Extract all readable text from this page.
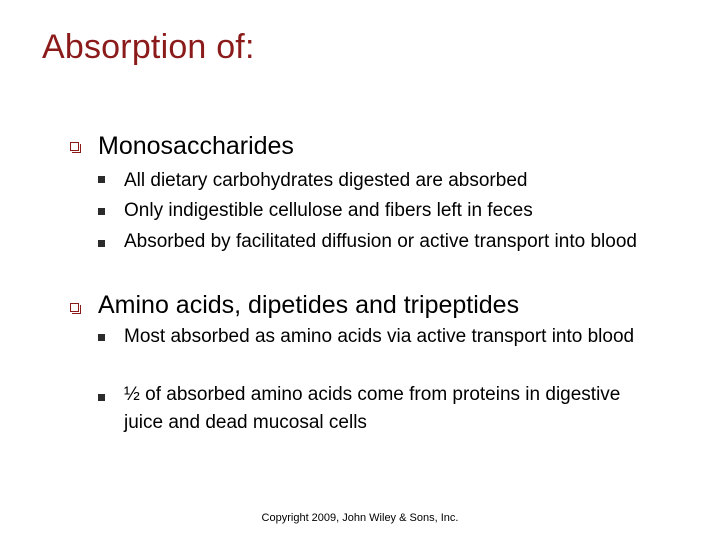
Absorption of:
Monosaccharides
All dietary carbohydrates digested are absorbed
Only indigestible cellulose and fibers left in feces
Absorbed by facilitated diffusion or active transport into blood
Amino acids, dipetides and tripeptides
Most absorbed as amino acids via active transport into blood
½ of absorbed amino acids come from proteins in digestive juice and dead mucosal cells
Copyright 2009, John Wiley & Sons, Inc.
